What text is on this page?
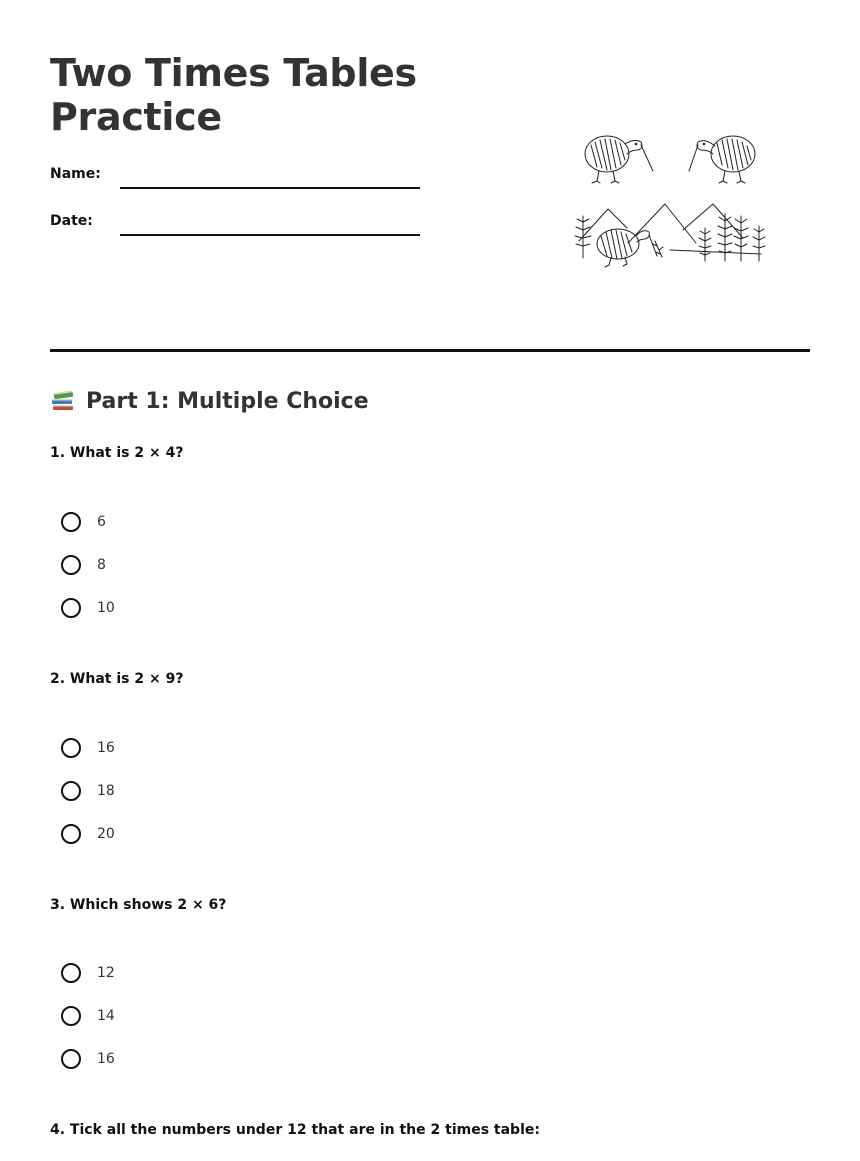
Two Times Tables
Practice
Name:
Date:
Part 1: Multiple Choice
1. What is 2 × 4?
6
8
10
2. What is 2 × 9?
16
18
20
3. Which shows 2 × 6?
12
14
16
4. Tick all the numbers under 12 that are in the 2 times table:
